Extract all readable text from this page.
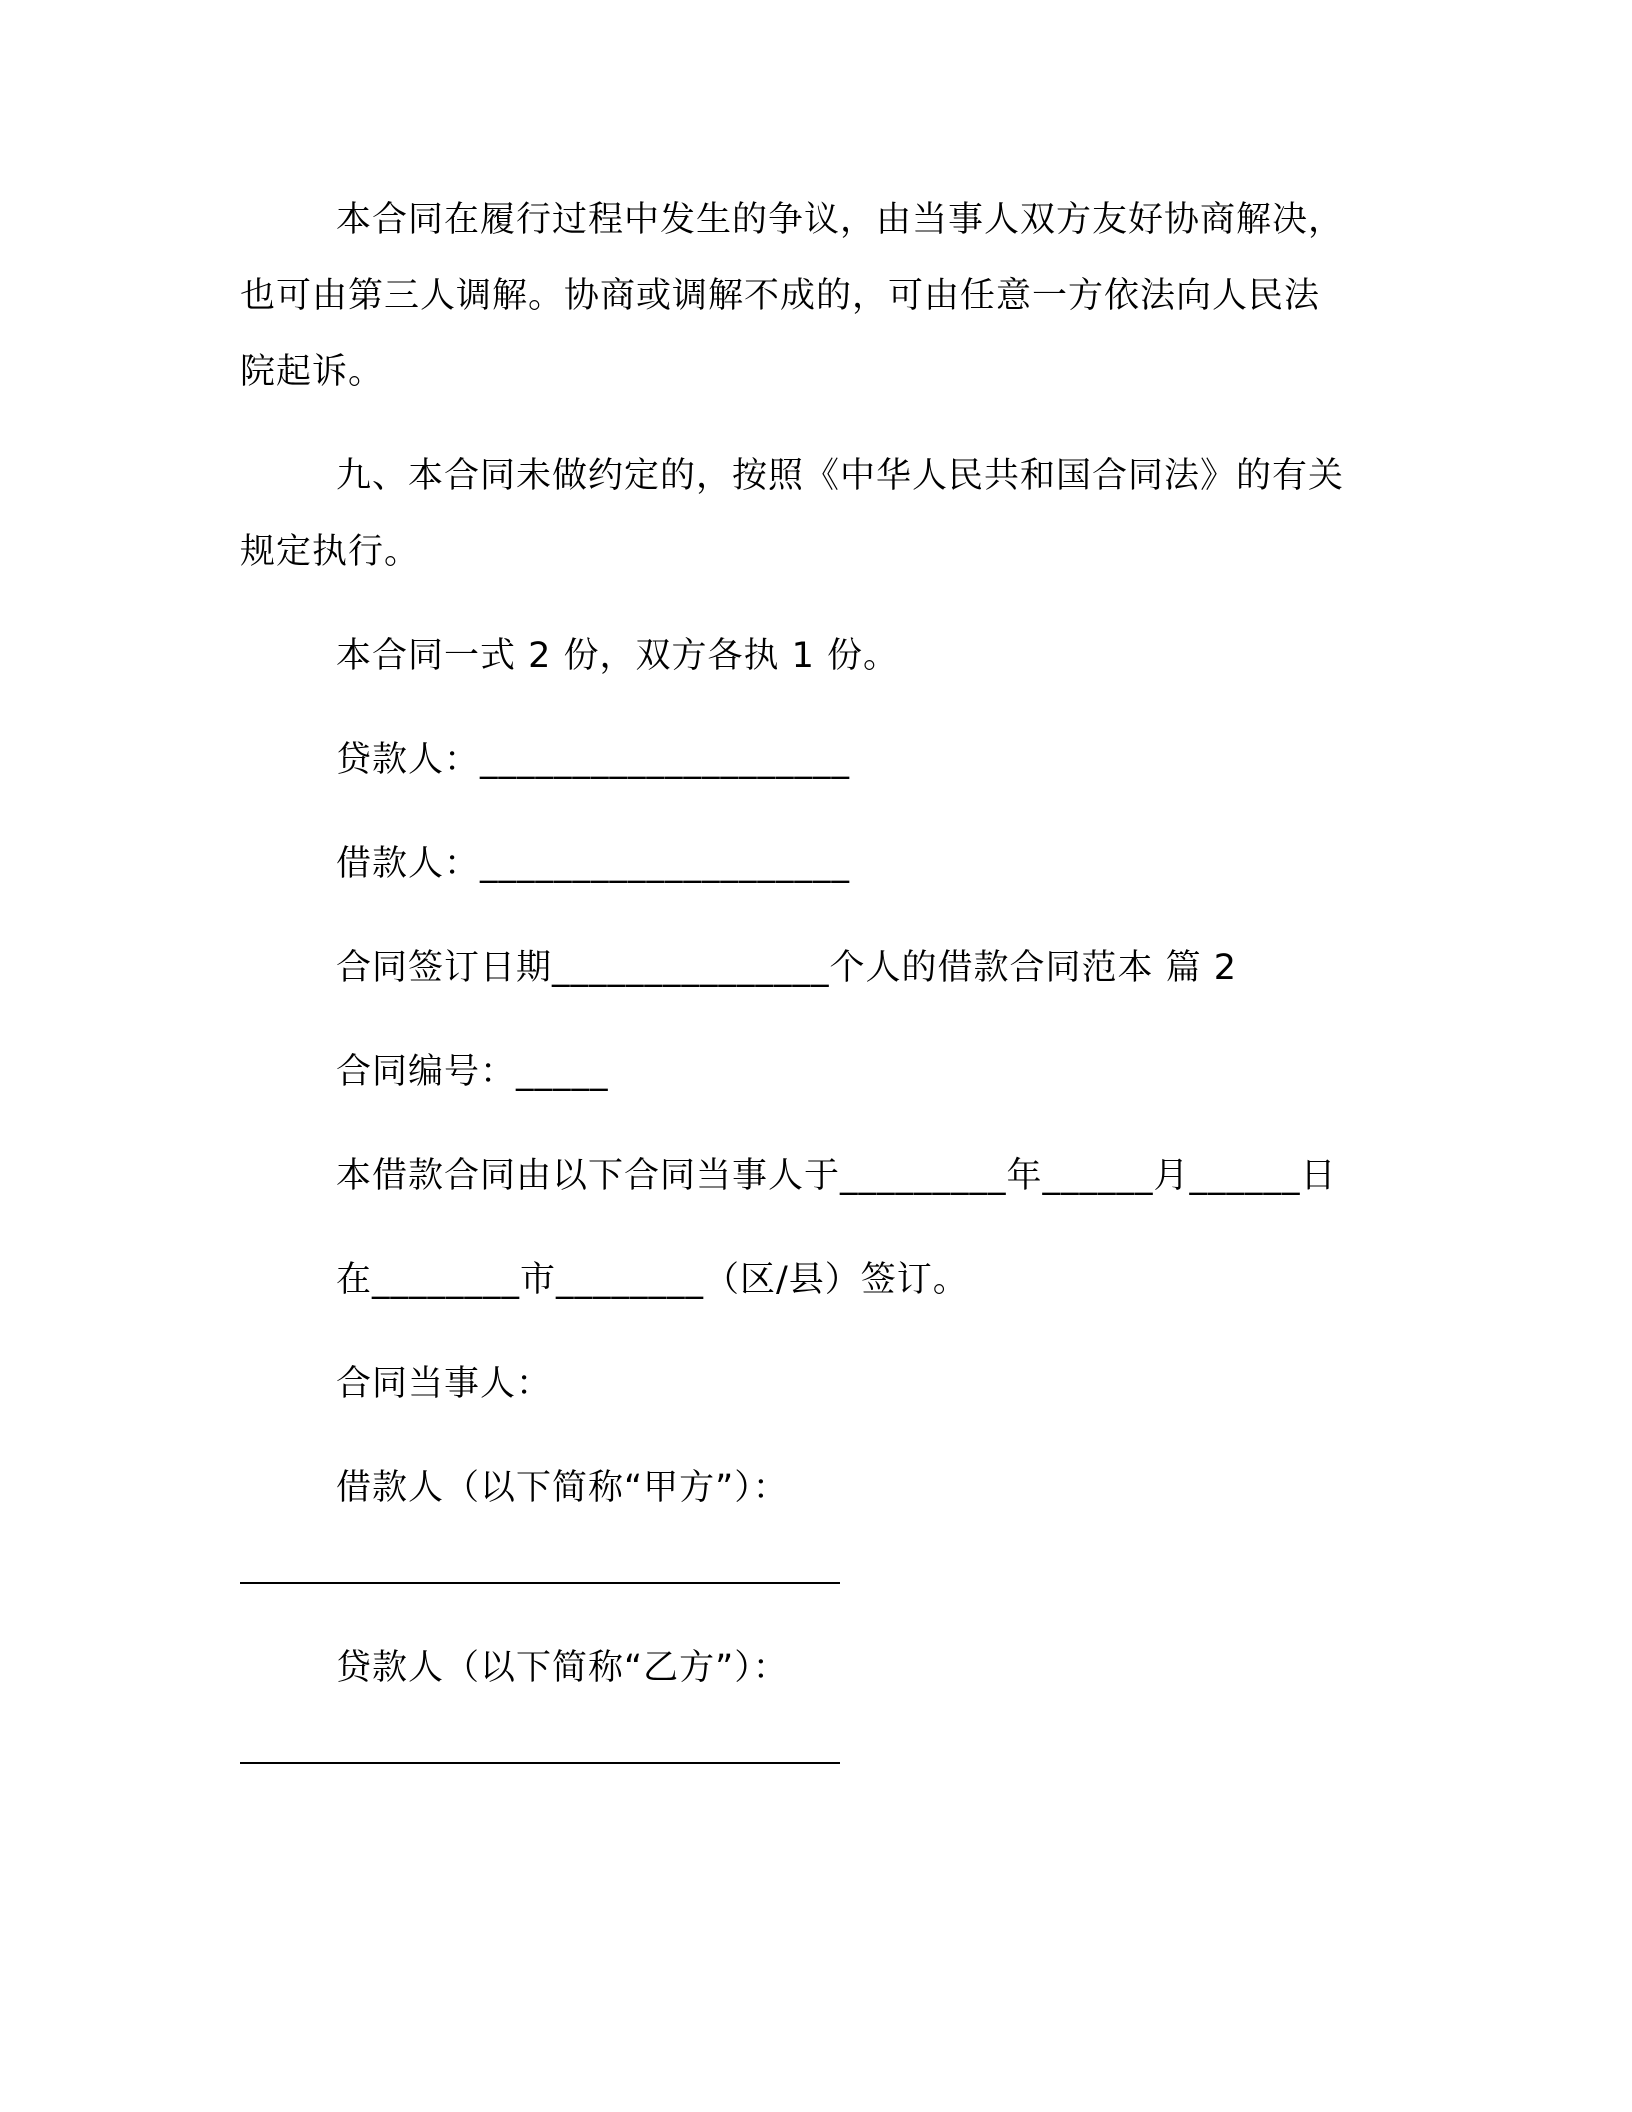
本合同在履行过程中发生的争议，由当事人双方友好协商解决，
也可由第三人调解。协商或调解不成的，可由任意一方依法向人民法
院起诉。
九、本合同未做约定的，按照《中华人民共和国合同法》的有关
规定执行。
本合同一式 2 份，双方各执 1 份。
贷款人：____________________
借款人：____________________
合同签订日期_______________个人的借款合同范本 篇 2
合同编号：_____
本借款合同由以下合同当事人于_________年______月______日
在________市________（区/县）签订。
合同当事人：
借款人（以下简称“甲方”）：
贷款人（以下简称“乙方”）：
